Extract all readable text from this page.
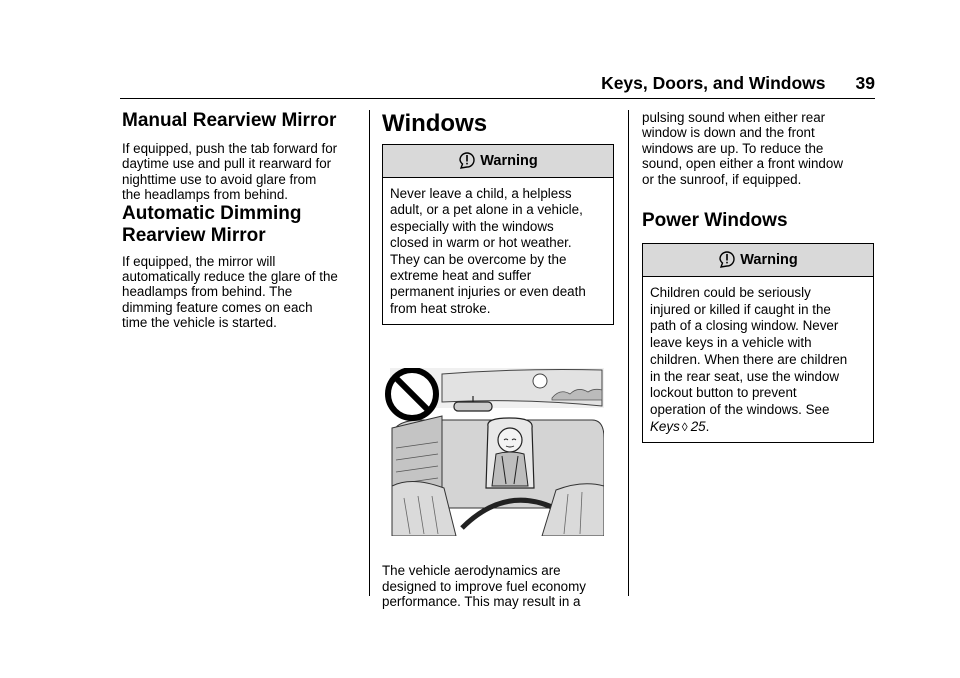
Keys, Doors, and Windows 39
Manual Rearview Mirror

If equipped, push the tab forward for

daytime use and pull it rearward for

nighttime use to avoid glare from

the headlamps from behind.

Automatic Dimming
Rearview Mirror

If equipped, the mirror will

automatically reduce the glare of the

headlamps from behind. The

dimming feature comes on each

time the vehicle is started.

Windows
Warning
Never leave a child, a helpless
adult, or a pet alone in a vehicle,
especially with the windows
closed in warm or hot weather.
They can be overcome by the
extreme heat and suffer
permanent injuries or even death
from heat stroke.

The vehicle aerodynamics are

designed to improve fuel economy

performance. This may result in a

pulsing sound when either rear

window is down and the front

windows are up. To reduce the

sound, open either a front window

or the sunroof, if equipped.

Power Windows
Warning
Children could be seriously
injured or killed if caught in the
path of a closing window. Never
leave keys in a vehicle with
children. When there are children
in the rear seat, use the window
lockout button to prevent
operation of the windows. See
Keys ◊ 25.
